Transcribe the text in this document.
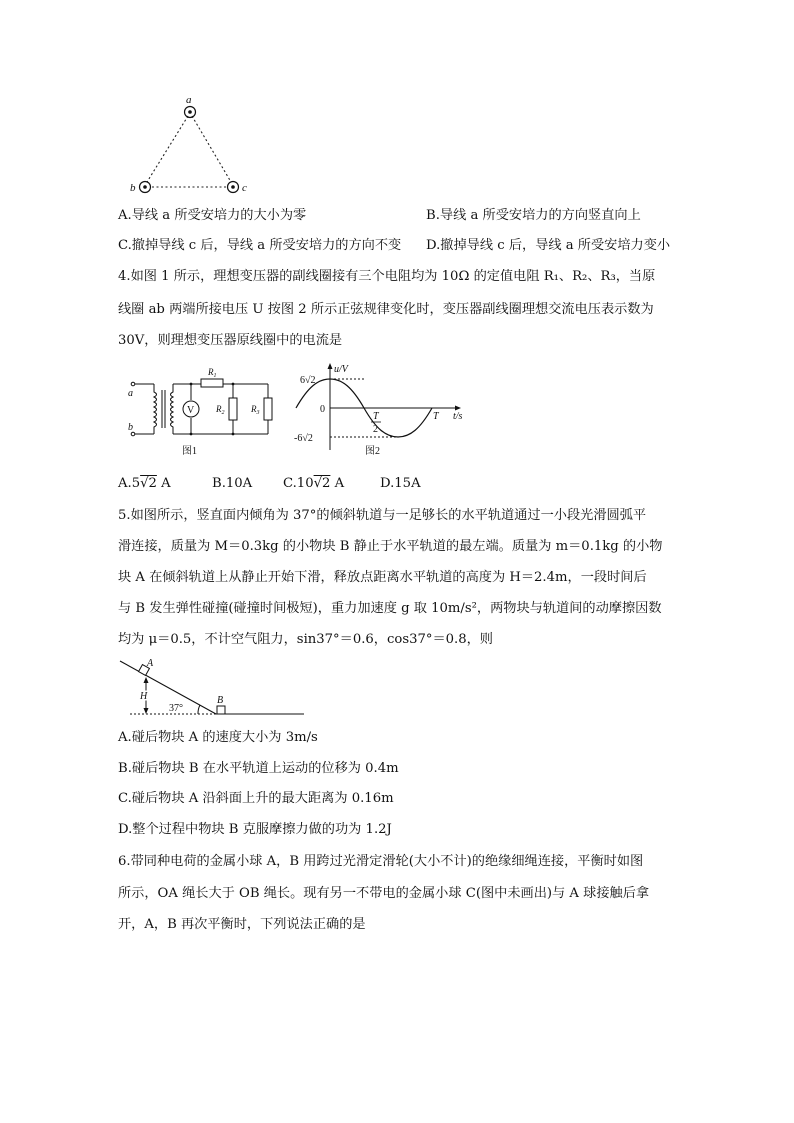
a
b	c
A.导线 a 所受安培力的大小为零	B.导线 a 所受安培力的方向竖直向上
C.撤掉导线 c 后，导线 a 所受安培力的方向不变 D.撤掉导线 c 后，导线 a 所受安培力变小
4.如图 1 所示，理想变压器的副线圈接有三个电阻均为 10Ω 的定值电阻 R₁、R₂、R₃，当原
线圈 ab 两端所接电压 U 按图 2 所示正弦规律变化时，变压器副线圈理想交流电压表示数为
30V，则理想变压器原线圈中的电流是
V
$R_1$
$R_2$	$R_3$
a
b
图1
u/V
6√2
0
-6√2
T
2
T t/s
图2
A.5√2 A	B.10A C.10√2 A	D.15A
5.如图所示，竖直面内倾角为 37°的倾斜轨道与一足够长的水平轨道通过一小段光滑圆弧平
滑连接，质量为 M＝0.3kg 的小物块 B 静止于水平轨道的最左端。质量为 m＝0.1kg 的小物
块 A 在倾斜轨道上从静止开始下滑，释放点距离水平轨道的高度为 H＝2.4m，一段时间后
与 B 发生弹性碰撞(碰撞时间极短)，重力加速度 g 取 10m/s²，两物块与轨道间的动摩擦因数
均为 μ＝0.5，不计空气阻力，sin37°＝0.6，cos37°＝0.8，则
A
H
37°
B
A.碰后物块 A 的速度大小为 3m/s
B.碰后物块 B 在水平轨道上运动的位移为 0.4m
C.碰后物块 A 沿斜面上升的最大距离为 0.16m
D.整个过程中物块 B 克服摩擦力做的功为 1.2J
6.带同种电荷的金属小球 A，B 用跨过光滑定滑轮(大小不计)的绝缘细绳连接，平衡时如图
所示，OA 绳长大于 OB 绳长。现有另一不带电的金属小球 C(图中未画出)与 A 球接触后拿
开，A，B 再次平衡时，下列说法正确的是
